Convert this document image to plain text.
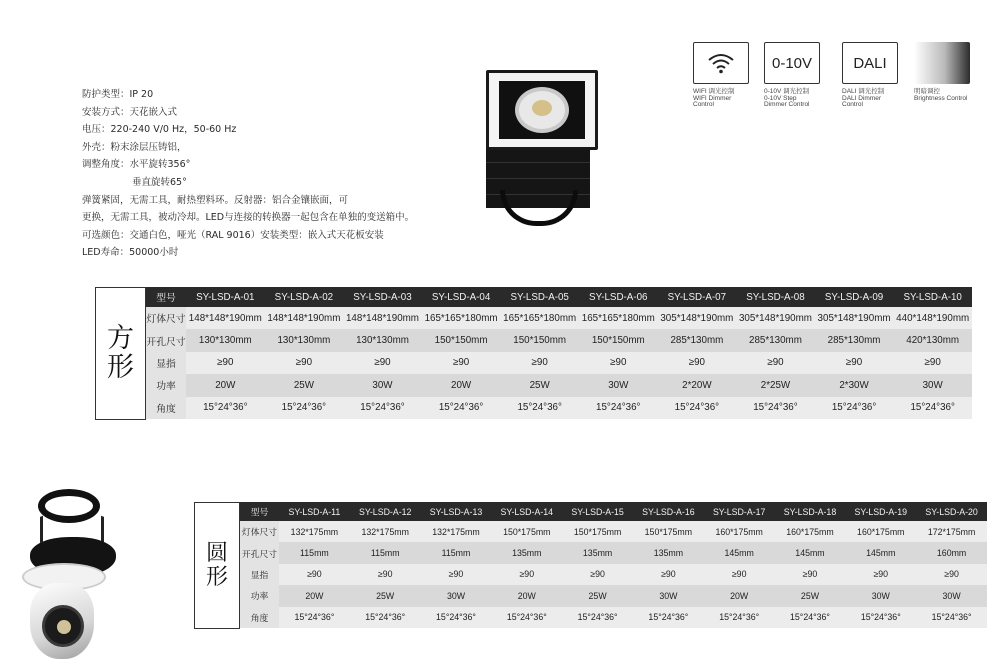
防护类型：IP 20
安装方式：天花嵌入式
电压：220-240 V/0 Hz，50-60 Hz
外壳：粉末涂层压铸铝，
调整角度：水平旋转356°
垂直旋转65°
弹簧紧固，无需工具，耐热塑料环。反射器：铝合金镶嵌面，可
更换，无需工具，被动冷却。LED与连接的转换器一起包含在单独的变送箱中。
可选颜色：交通白色，哑光（RAL 9016）安装类型：嵌入式天花板安装
LED寿命：50000小时
WIFI 调光控制
WIFI Dimmer
Control
0-10V
0-10V 调光控制
0-10V Step
Dimmer Control
DALI
DALI 调光控制
DALI Dimmer
Control
明暗调控
Brightness Control
方
形
型号	SY-LSD-A-01	SY-LSD-A-02	SY-LSD-A-03	SY-LSD-A-04	SY-LSD-A-05	SY-LSD-A-06	SY-LSD-A-07	SY-LSD-A-08	SY-LSD-A-09	SY-LSD-A-10
灯体尺寸	148*148*190mm	148*148*190mm	148*148*190mm	165*165*180mm	165*165*180mm	165*165*180mm	305*148*190mm	305*148*190mm	305*148*190mm	440*148*190mm
开孔尺寸	130*130mm	130*130mm	130*130mm	150*150mm	150*150mm	150*150mm	285*130mm	285*130mm	285*130mm	420*130mm
显指	≥90	≥90	≥90	≥90	≥90	≥90	≥90	≥90	≥90	≥90
功率	20W	25W	30W	20W	25W	30W	2*20W	2*25W	2*30W	30W
角度	15°24°36°	15°24°36°	15°24°36°	15°24°36°	15°24°36°	15°24°36°	15°24°36°	15°24°36°	15°24°36°	15°24°36°
圆
形
型号	SY-LSD-A-11	SY-LSD-A-12	SY-LSD-A-13	SY-LSD-A-14	SY-LSD-A-15	SY-LSD-A-16	SY-LSD-A-17	SY-LSD-A-18	SY-LSD-A-19	SY-LSD-A-20
灯体尺寸	132*175mm	132*175mm	132*175mm	150*175mm	150*175mm	150*175mm	160*175mm	160*175mm	160*175mm	172*175mm
开孔尺寸	115mm	115mm	115mm	135mm	135mm	135mm	145mm	145mm	145mm	160mm
显指	≥90	≥90	≥90	≥90	≥90	≥90	≥90	≥90	≥90	≥90
功率	20W	25W	30W	20W	25W	30W	20W	25W	30W	30W
角度	15°24°36°	15°24°36°	15°24°36°	15°24°36°	15°24°36°	15°24°36°	15°24°36°	15°24°36°	15°24°36°	15°24°36°
